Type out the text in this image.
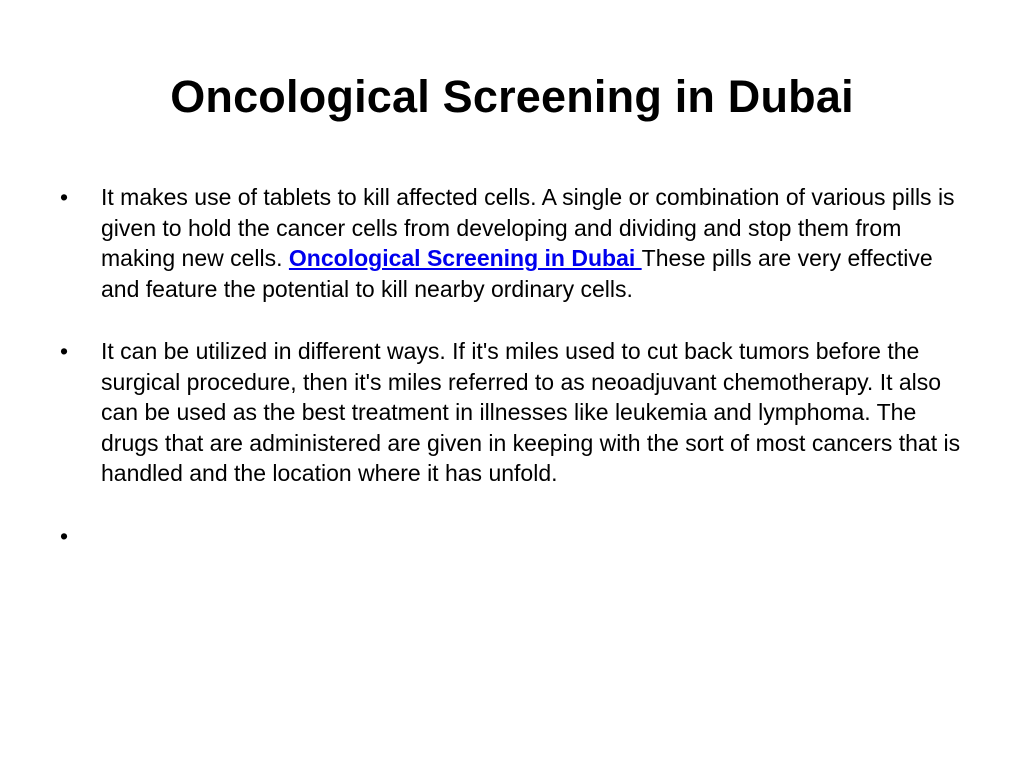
Oncological Screening in Dubai
•	It makes use of tablets to kill affected cells. A single or combination of various pills is given to hold the cancer cells from developing and dividing and stop them from making new cells. Oncological Screening in Dubai These pills are very effective and feature the potential to kill nearby ordinary cells.
•	It can be utilized in different ways. If it's miles used to cut back tumors before the surgical procedure, then it's miles referred to as neoadjuvant chemotherapy. It also can be used as the best treatment in illnesses like leukemia and lymphoma. The drugs that are administered are given in keeping with the sort of most cancers that is handled and the location where it has unfold.
•
